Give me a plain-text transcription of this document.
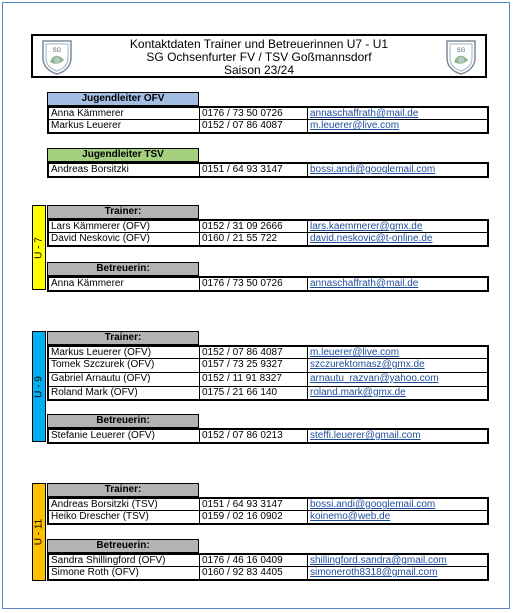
SG	SG
Kontaktdaten Trainer und Betreuerinnen U7 - U1
SG Ochsenfurter FV / TSV Goßmannsdorf
Saison 23/24
Jugendleiter OFV
Anna Kämmerer	0176 / 73 50 0726	annaschaffrath@mail.de
Markus Leuerer	0152 / 07 86 4087	m.leuerer@live.com
Jugendleiter TSV
Andreas Borsitzki	0151 / 64 93 3147	bossi.andi@googlemail.com
U - 7
Trainer:
Lars Kämmerer (OFV)	0152 / 31 09 2666	lars.kaemmerer@gmx.de
David Neskovic (OFV)	0160 / 21 55 722	david.neskovic@t-online.de
Betreuerin:
Anna Kämmerer	0176 / 73 50 0726	annaschaffrath@mail.de
U - 9
Trainer:
Markus Leuerer (OFV)	0152 / 07 86 4087	m.leuerer@live.com
Tomek Szczurek (OFV)	0157 / 73 25 9327	szczurektomasz@gmx.de
Gabriel Arnautu (OFV)	0152 / 11 91 8327	arnautu_razvan@yahoo.com
Roland Mark (OFV)	0175 / 21 66 140	roland.mark@gmx.de
Betreuerin:
Stefanie Leuerer (OFV)	0152 / 07 86 0213	steffi.leuerer@gmail.com
U - 11
Trainer:
Andreas Borsitzki (TSV)	0151 / 64 93 3147	bossi.andi@googlemail.com
Heiko Drescher (TSV)	0159 / 02 16 0902	koinemo@web.de
Betreuerin:
Sandra Shillingford (OFV)	0176 / 46 16 0409	shillingford.sandra@gmail.com
Simone Roth (OFV)	0160 / 92 83 4405	simoneroth8318@gmail.com
